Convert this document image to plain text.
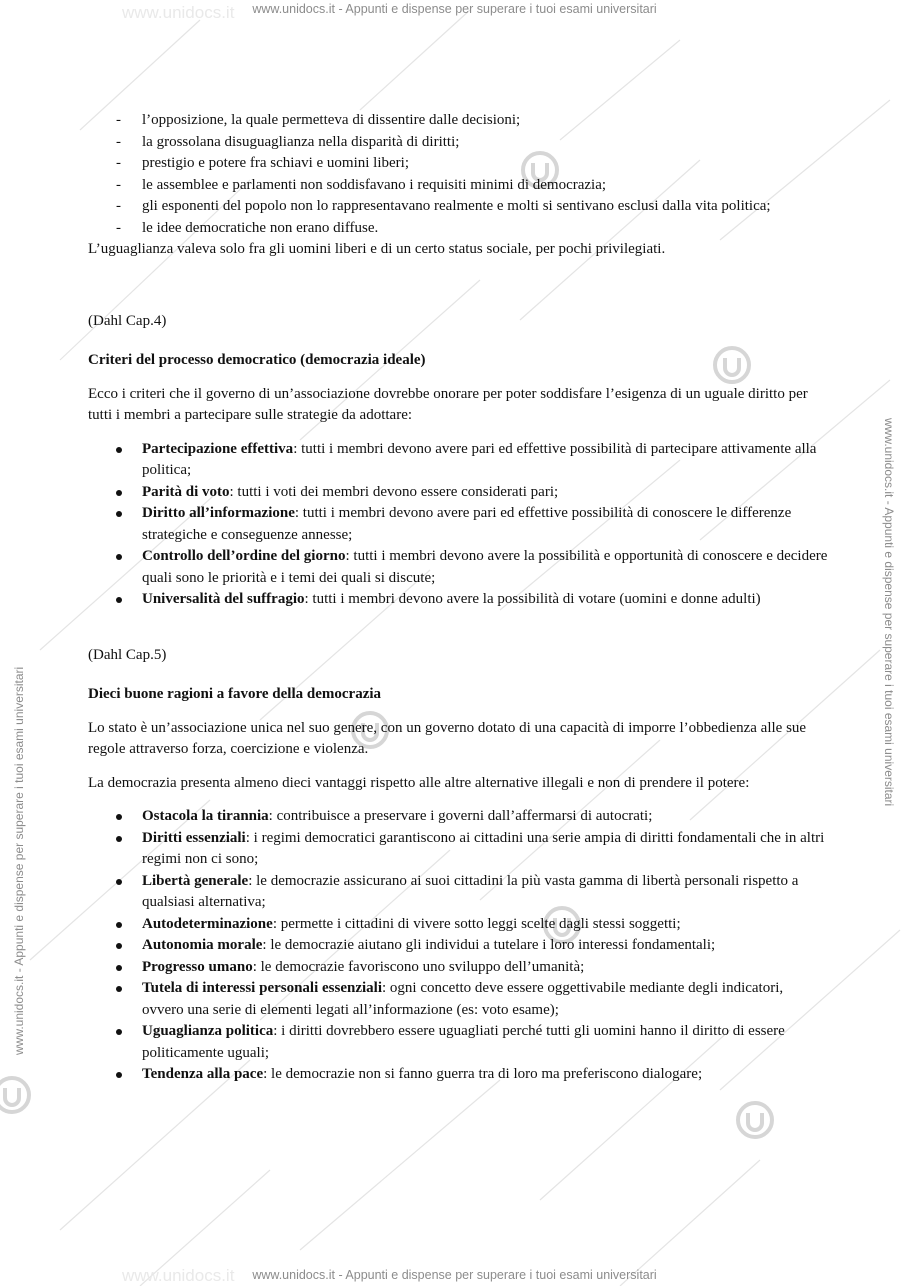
www.unidocs.it
www.unidocs.it
www.unidocs.it - Appunti e dispense per superare i tuoi esami universitari
www.unidocs.it - Appunti e dispense per superare i tuoi esami universitari
www.unidocs.it - Appunti e dispense per superare i tuoi esami universitari
www.unidocs.it - Appunti e dispense per superare i tuoi esami universitari
- l’opposizione, la quale permetteva di dissentire dalle decisioni;
- la grossolana disuguaglianza nella disparità di diritti;
- prestigio e potere fra schiavi e uomini liberi;
- le assemblee e parlamenti non soddisfavano i requisiti minimi di democrazia;
- gli esponenti del popolo non lo rappresentavano realmente e molti si sentivano esclusi dalla vita politica;
- le idee democratiche non erano diffuse.

L’uguaglianza valeva solo fra gli uomini liberi e di un certo status sociale, per pochi privilegiati.

(Dahl Cap.4)

Criteri del processo democratico (democrazia ideale)

Ecco i criteri che il governo di un’associazione dovrebbe onorare per poter soddisfare l’esigenza di un uguale diritto per tutti i membri a partecipare sulle strategie da adottare:

Partecipazione effettiva: tutti i membri devono avere pari ed effettive possibilità di partecipare attivamente alla politica;
Parità di voto: tutti i voti dei membri devono essere considerati pari;
Diritto all’informazione: tutti i membri devono avere pari ed effettive possibilità di conoscere le differenze strategiche e conseguenze annesse;
Controllo dell’ordine del giorno: tutti i membri devono avere la possibilità e opportunità di conoscere e decidere quali sono le priorità e i temi dei quali si discute;
Universalità del suffragio: tutti i membri devono avere la possibilità di votare (uomini e donne adulti)

(Dahl Cap.5)

Dieci buone ragioni a favore della democrazia

Lo stato è un’associazione unica nel suo genere, con un governo dotato di una capacità di imporre l’obbedienza alle sue regole attraverso forza, coercizione e violenza.

La democrazia presenta almeno dieci vantaggi rispetto alle altre alternative illegali e non di prendere il potere:

Ostacola la tirannia: contribuisce a preservare i governi dall’affermarsi di autocrati;
Diritti essenziali: i regimi democratici garantiscono ai cittadini una serie ampia di diritti fondamentali che in altri regimi non ci sono;
Libertà generale: le democrazie assicurano ai suoi cittadini la più vasta gamma di libertà personali rispetto a qualsiasi alternativa;
Autodeterminazione: permette i cittadini di vivere sotto leggi scelte dagli stessi soggetti;
Autonomia morale: le democrazie aiutano gli individui a tutelare i loro interessi fondamentali;
Progresso umano: le democrazie favoriscono uno sviluppo dell’umanità;
Tutela di interessi personali essenziali: ogni concetto deve essere oggettivabile mediante degli indicatori, ovvero una serie di elementi legati all’informazione (es: voto esame);
Uguaglianza politica: i diritti dovrebbero essere uguagliati perché tutti gli uomini hanno il diritto di essere politicamente uguali;
Tendenza alla pace: le democrazie non si fanno guerra tra di loro ma preferiscono dialogare;
